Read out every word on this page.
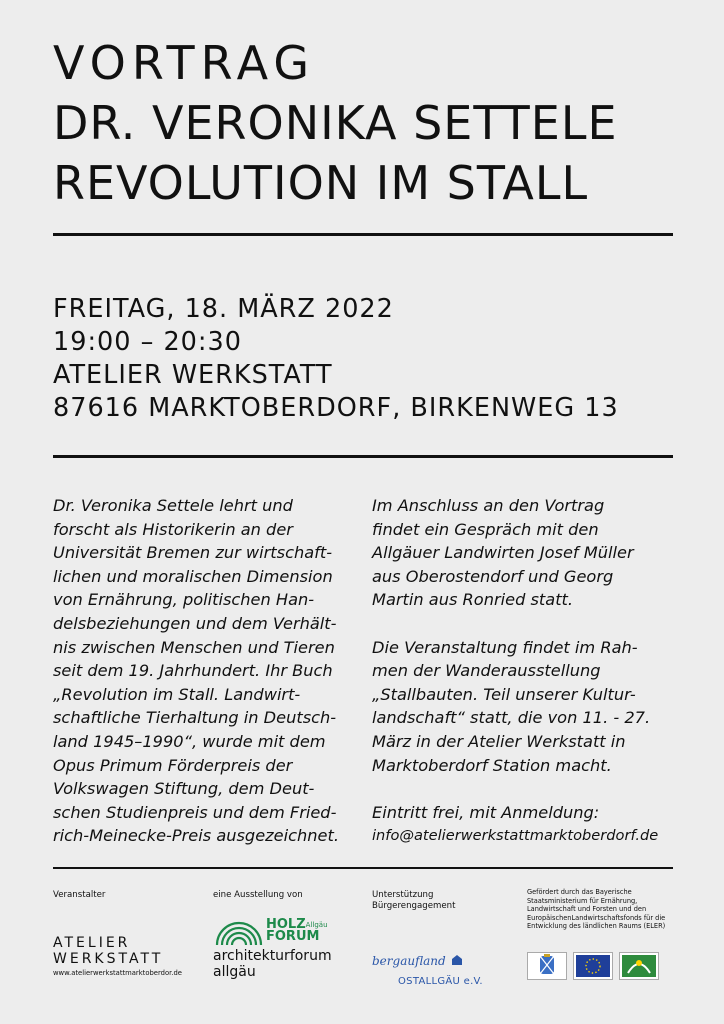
VORTRAG
DR. VERONIKA SETTELE
REVOLUTION IM STALL
FREITAG, 18. MÄRZ 2022
19:00 – 20:30
ATELIER WERKSTATT
87616 MARKTOBERDORF, BIRKENWEG 13
Dr. Veronika Settele lehrt und
forscht als Historikerin an der
Universität Bremen zur wirtschaft-
lichen und moralischen Dimension
von Ernährung, politischen Han-
delsbeziehungen und dem Verhält-
nis zwischen Menschen und Tieren
seit dem 19. Jahrhundert. Ihr Buch
„Revolution im Stall. Landwirt-
schaftliche Tierhaltung in Deutsch-
land 1945–1990“, wurde mit dem
Opus Primum Förderpreis der
Volkswagen Stiftung, dem Deut-
schen Studienpreis und dem Fried-
rich-Meinecke-Preis ausgezeichnet.
Im Anschluss an den Vortrag
findet ein Gespräch mit den
Allgäuer Landwirten Josef Müller
aus Oberostendorf und Georg
Martin aus Ronried statt.
Die Veranstaltung findet im Rah-
men der Wanderausstellung
„Stallbauten. Teil unserer Kultur-
landschaft“ statt, die von 11. - 27.
März in der Atelier Werkstatt in
Marktoberdorf Station macht.

Eintritt frei, mit Anmeldung:

info@atelierwerkstattmarktoberdorf.de

Veranstalter	eine Ausstellung von	Unterstützung
Bürgerengagement
Gefördert durch das Bayerische Staatsministerium für Ernährung, Landwirtschaft und Forsten und den EuropäischenLandwirtschaftsfonds für die Entwicklung des ländlichen Raums (ELER)
ATELIER
WERKSTATT
www.atelierwerkstattmarktoberdor.de
$HOLZ^{Allgäu}$
FORUM
architekturforum
allgäu
bergaufland
OSTALLGÄU e.V.
